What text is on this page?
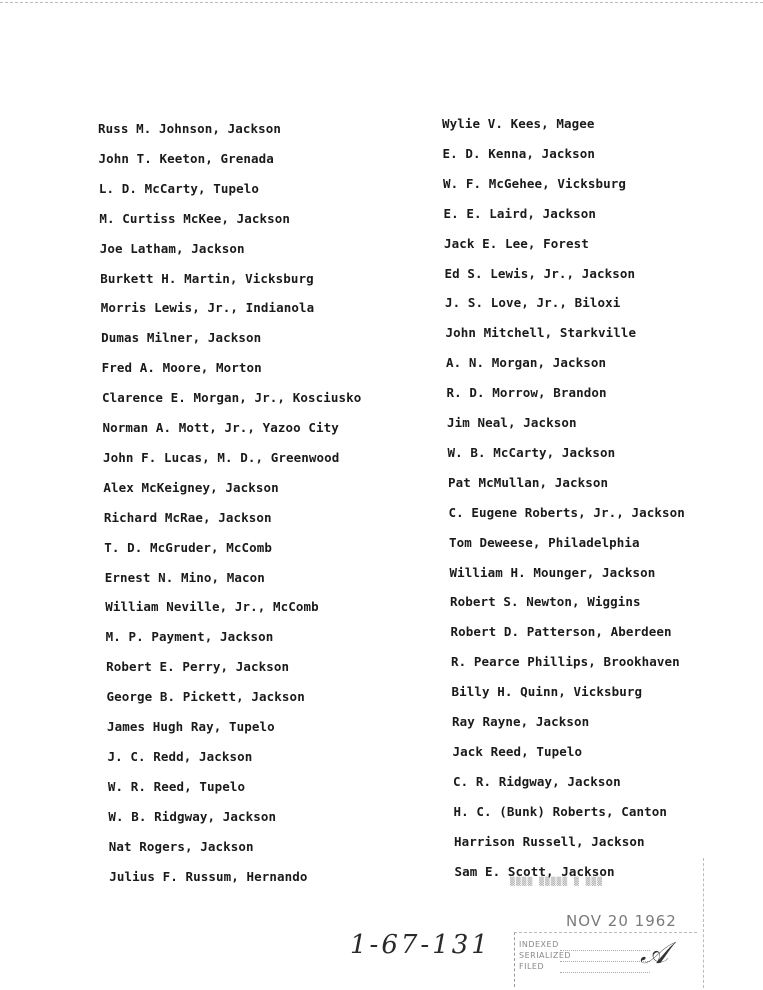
Russ M. Johnson, Jackson
John T. Keeton, Grenada
L. D. McCarty, Tupelo
M. Curtiss McKee, Jackson
Joe Latham, Jackson
Burkett H. Martin, Vicksburg
Morris Lewis, Jr., Indianola
Dumas Milner, Jackson
Fred A. Moore, Morton
Clarence E. Morgan, Jr., Kosciusko
Norman A. Mott, Jr., Yazoo City
John F. Lucas, M. D., Greenwood
Alex McKeigney, Jackson
Richard McRae, Jackson
T. D. McGruder, McComb
Ernest N. Mino, Macon
William Neville, Jr., McComb
M. P. Payment, Jackson
Robert E. Perry, Jackson
George B. Pickett, Jackson
James Hugh Ray, Tupelo
J. C. Redd, Jackson
W. R. Reed, Tupelo
W. B. Ridgway, Jackson
Nat Rogers, Jackson
Julius F. Russum, Hernando
Wylie V. Kees, Magee
E. D. Kenna, Jackson
W. F. McGehee, Vicksburg
E. E. Laird, Jackson
Jack E. Lee, Forest
Ed S. Lewis, Jr., Jackson
J. S. Love, Jr., Biloxi
John Mitchell, Starkville
A. N. Morgan, Jackson
R. D. Morrow, Brandon
Jim Neal, Jackson
W. B. McCarty, Jackson
Pat McMullan, Jackson
C. Eugene Roberts, Jr., Jackson
Tom Deweese, Philadelphia
William H. Mounger, Jackson
Robert S. Newton, Wiggins
Robert D. Patterson, Aberdeen
R. Pearce Phillips, Brookhaven
Billy H. Quinn, Vicksburg
Ray Rayne, Jackson
Jack Reed, Tupelo
C. R. Ridgway, Jackson
H. C. (Bunk) Roberts, Canton
Harrison Russell, Jackson
Sam E. Scott, Jackson
1-67-131
▒▒▒▒ ▒▒▒▒▒ ▒ ▒▒▒
NOV 20 1962
INDEXED
SERIALIZED
FILED	𝒜
